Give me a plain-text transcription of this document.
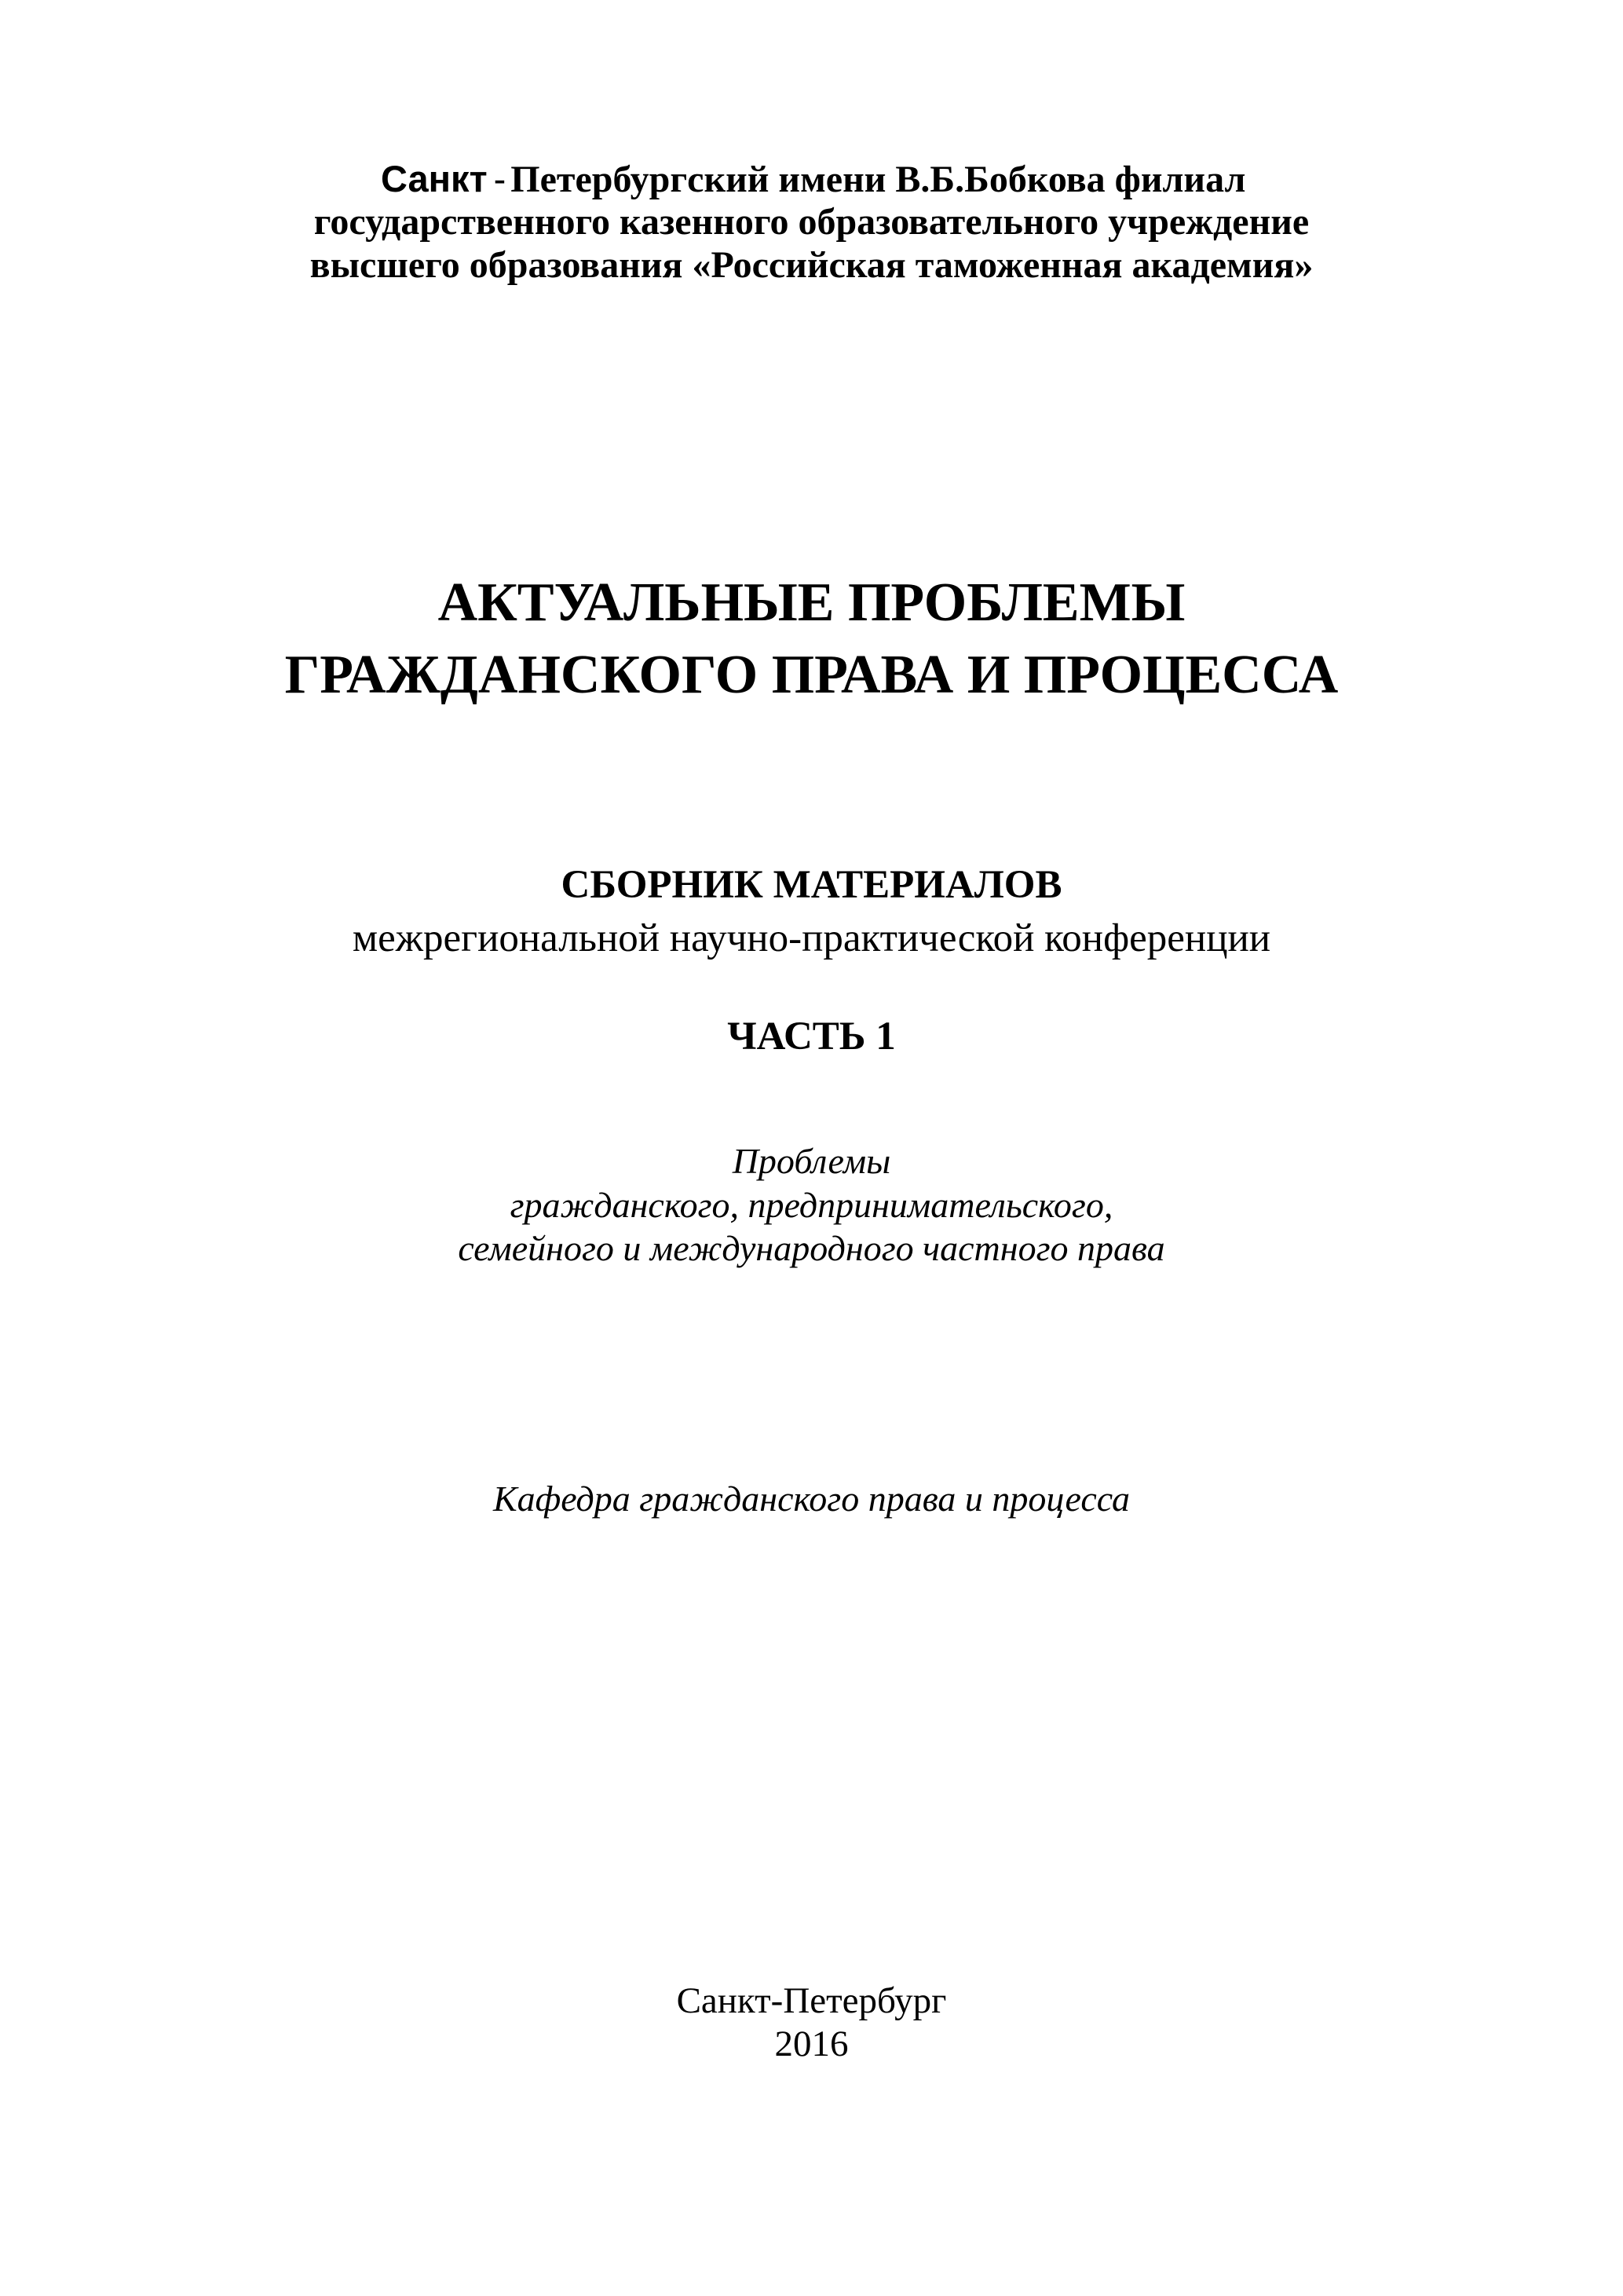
Санкт - Петербургский имени В.Б.Бобкова филиал
государственного казенного образовательного учреждение
высшего образования «Российская таможенная академия»
АКТУАЛЬНЫЕ ПРОБЛЕМЫ
ГРАЖДАНСКОГО ПРАВА И ПРОЦЕССА
СБОРНИК МАТЕРИАЛОВ
межрегиональной научно-практической конференции
ЧАСТЬ 1
Проблемы
гражданского, предпринимательского,
семейного и международного частного права
Кафедра гражданского права и процесса
Санкт-Петербург
2016
